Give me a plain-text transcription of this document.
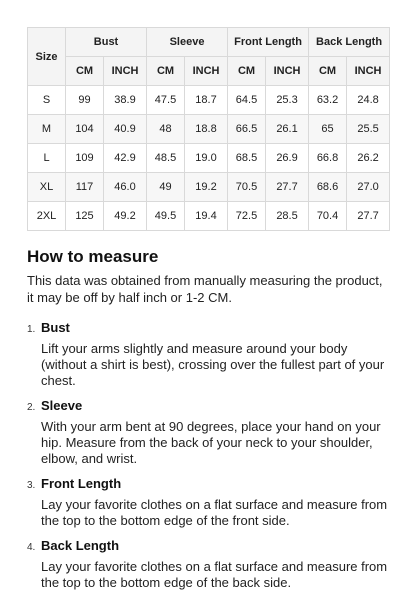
Size	Bust		Sleeve		Front Length		Back Length	
	CM	INCH	CM	INCH	CM	INCH	CM	INCH
S	99	38.9	47.5	18.7	64.5	25.3	63.2	24.8
M	104	40.9	48	18.8	66.5	26.1	65	25.5
L	109	42.9	48.5	19.0	68.5	26.9	66.8	26.2
XL	117	46.0	49	19.2	70.5	27.7	68.6	27.0
2XL	125	49.2	49.5	19.4	72.5	28.5	70.4	27.7
How to measure

This data was obtained from manually measuring the product, it may be off by half inch or 1-2 CM.

1. Bust
Lift your arms slightly and measure around your body (without a shirt is best), crossing over the fullest part of your chest.
2. Sleeve
With your arm bent at 90 degrees, place your hand on your hip. Measure from the back of your neck to your shoulder, elbow, and wrist.
3. Front Length
Lay your favorite clothes on a flat surface and measure from the top to the bottom edge of the front side.
4. Back Length
Lay your favorite clothes on a flat surface and measure from the top to the bottom edge of the back side.
